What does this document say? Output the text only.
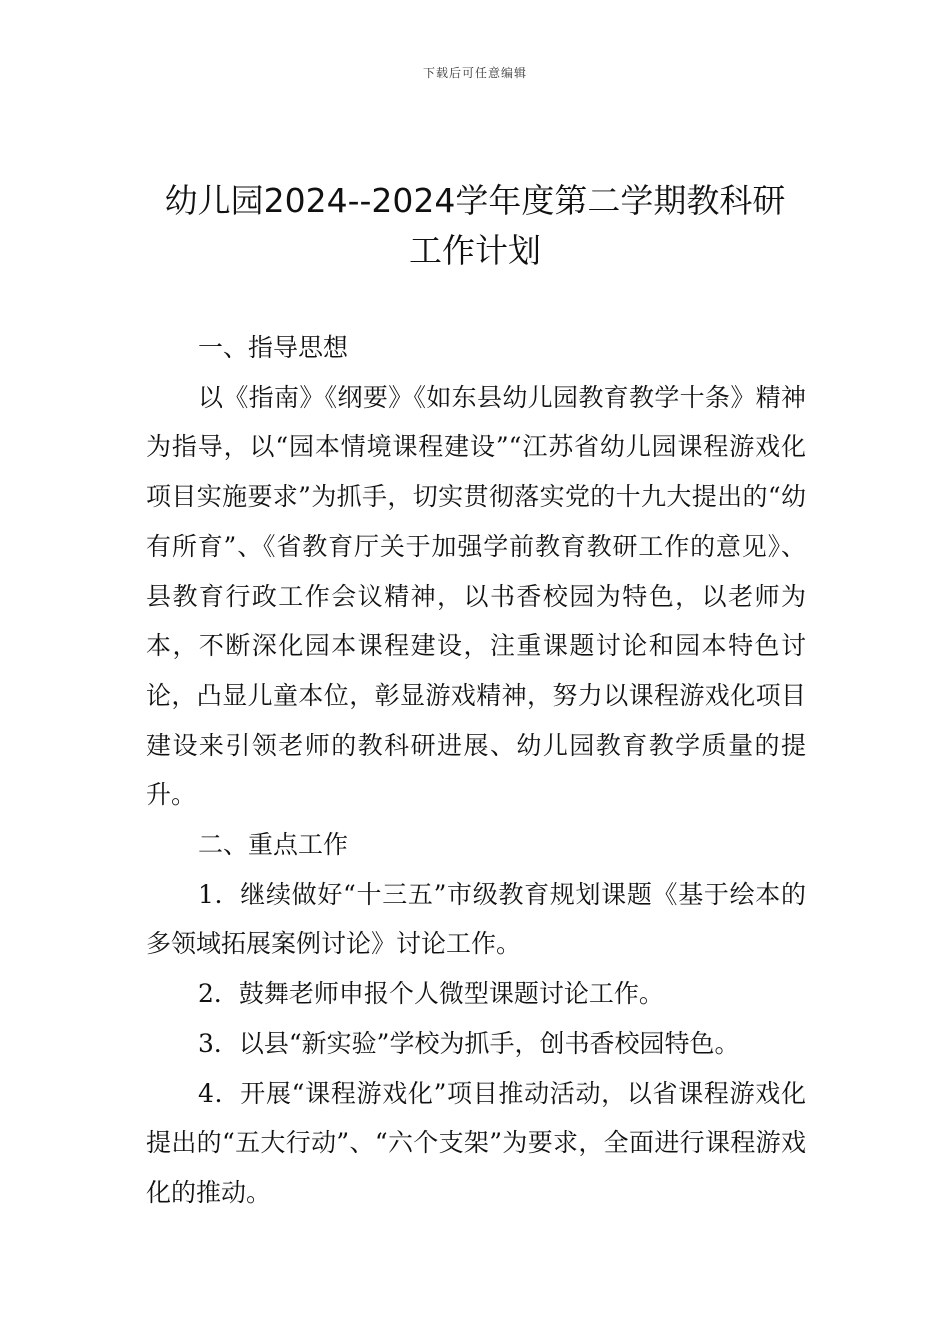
下载后可任意编辑
幼儿园2024--2024学年度第二学期教科研
工作计划

一、指导思想

以《指南》《纲要》《如东县幼儿园教育教学十条》精神为指导，以“园本情境课程建设”“江苏省幼儿园课程游戏化项目实施要求”为抓手，切实贯彻落实党的十九大提出的“幼有所育”、《省教育厅关于加强学前教育教研工作的意见》、县教育行政工作会议精神，以书香校园为特色，以老师为本，不断深化园本课程建设，注重课题讨论和园本特色讨论，凸显儿童本位，彰显游戏精神，努力以课程游戏化项目建设来引领老师的教科研进展、幼儿园教育教学质量的提升。

二、重点工作

1．继续做好“十三五”市级教育规划课题《基于绘本的多领域拓展案例讨论》讨论工作。

2．鼓舞老师申报个人微型课题讨论工作。

3．以县“新实验”学校为抓手，创书香校园特色。

4．开展“课程游戏化”项目推动活动，以省课程游戏化提出的“五大行动”、“六个支架”为要求，全面进行课程游戏化的推动。
